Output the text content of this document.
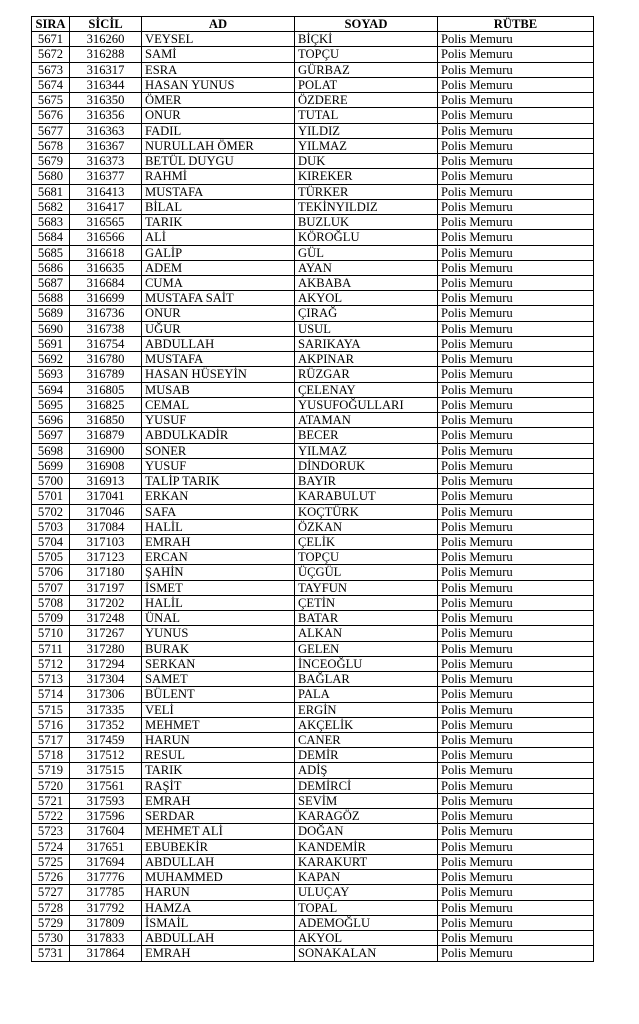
SIRA	SİCİL	AD	SOYAD	RÜTBE
5671	316260	VEYSEL	BİÇKİ	Polis Memuru
5672	316288	SAMİ	TOPÇU	Polis Memuru
5673	316317	ESRA	GÜRBAZ	Polis Memuru
5674	316344	HASAN YUNUS	POLAT	Polis Memuru
5675	316350	ÖMER	ÖZDERE	Polis Memuru
5676	316356	ONUR	TUTAL	Polis Memuru
5677	316363	FADIL	YILDIZ	Polis Memuru
5678	316367	NURULLAH ÖMER	YILMAZ	Polis Memuru
5679	316373	BETÜL DUYGU	DUK	Polis Memuru
5680	316377	RAHMİ	KIREKER	Polis Memuru
5681	316413	MUSTAFA	TÜRKER	Polis Memuru
5682	316417	BİLAL	TEKİNYILDIZ	Polis Memuru
5683	316565	TARIK	BUZLUK	Polis Memuru
5684	316566	ALİ	KÖROĞLU	Polis Memuru
5685	316618	GALİP	GÜL	Polis Memuru
5686	316635	ADEM	AYAN	Polis Memuru
5687	316684	CUMA	AKBABA	Polis Memuru
5688	316699	MUSTAFA SAİT	AKYOL	Polis Memuru
5689	316736	ONUR	ÇIRAĞ	Polis Memuru
5690	316738	UĞUR	USUL	Polis Memuru
5691	316754	ABDULLAH	SARIKAYA	Polis Memuru
5692	316780	MUSTAFA	AKPINAR	Polis Memuru
5693	316789	HASAN HÜSEYİN	RÜZGAR	Polis Memuru
5694	316805	MUSAB	ÇELENAY	Polis Memuru
5695	316825	CEMAL	YUSUFOĞULLARI	Polis Memuru
5696	316850	YUSUF	ATAMAN	Polis Memuru
5697	316879	ABDULKADİR	BECER	Polis Memuru
5698	316900	SONER	YILMAZ	Polis Memuru
5699	316908	YUSUF	DİNDORUK	Polis Memuru
5700	316913	TALİP TARIK	BAYIR	Polis Memuru
5701	317041	ERKAN	KARABULUT	Polis Memuru
5702	317046	SAFA	KOÇTÜRK	Polis Memuru
5703	317084	HALİL	ÖZKAN	Polis Memuru
5704	317103	EMRAH	ÇELİK	Polis Memuru
5705	317123	ERCAN	TOPÇU	Polis Memuru
5706	317180	ŞAHİN	ÜÇGÜL	Polis Memuru
5707	317197	İSMET	TAYFUN	Polis Memuru
5708	317202	HALİL	ÇETİN	Polis Memuru
5709	317248	ÜNAL	BATAR	Polis Memuru
5710	317267	YUNUS	ALKAN	Polis Memuru
5711	317280	BURAK	GELEN	Polis Memuru
5712	317294	SERKAN	İNCEOĞLU	Polis Memuru
5713	317304	SAMET	BAĞLAR	Polis Memuru
5714	317306	BÜLENT	PALA	Polis Memuru
5715	317335	VELİ	ERGİN	Polis Memuru
5716	317352	MEHMET	AKÇELİK	Polis Memuru
5717	317459	HARUN	CANER	Polis Memuru
5718	317512	RESUL	DEMİR	Polis Memuru
5719	317515	TARIK	ADİŞ	Polis Memuru
5720	317561	RAŞİT	DEMİRCİ	Polis Memuru
5721	317593	EMRAH	SEVİM	Polis Memuru
5722	317596	SERDAR	KARAGÖZ	Polis Memuru
5723	317604	MEHMET ALİ	DOĞAN	Polis Memuru
5724	317651	EBUBEKİR	KANDEMİR	Polis Memuru
5725	317694	ABDULLAH	KARAKURT	Polis Memuru
5726	317776	MUHAMMED	KAPAN	Polis Memuru
5727	317785	HARUN	ULUÇAY	Polis Memuru
5728	317792	HAMZA	TOPAL	Polis Memuru
5729	317809	İSMAİL	ADEMOĞLU	Polis Memuru
5730	317833	ABDULLAH	AKYOL	Polis Memuru
5731	317864	EMRAH	SONAKALAN	Polis Memuru
